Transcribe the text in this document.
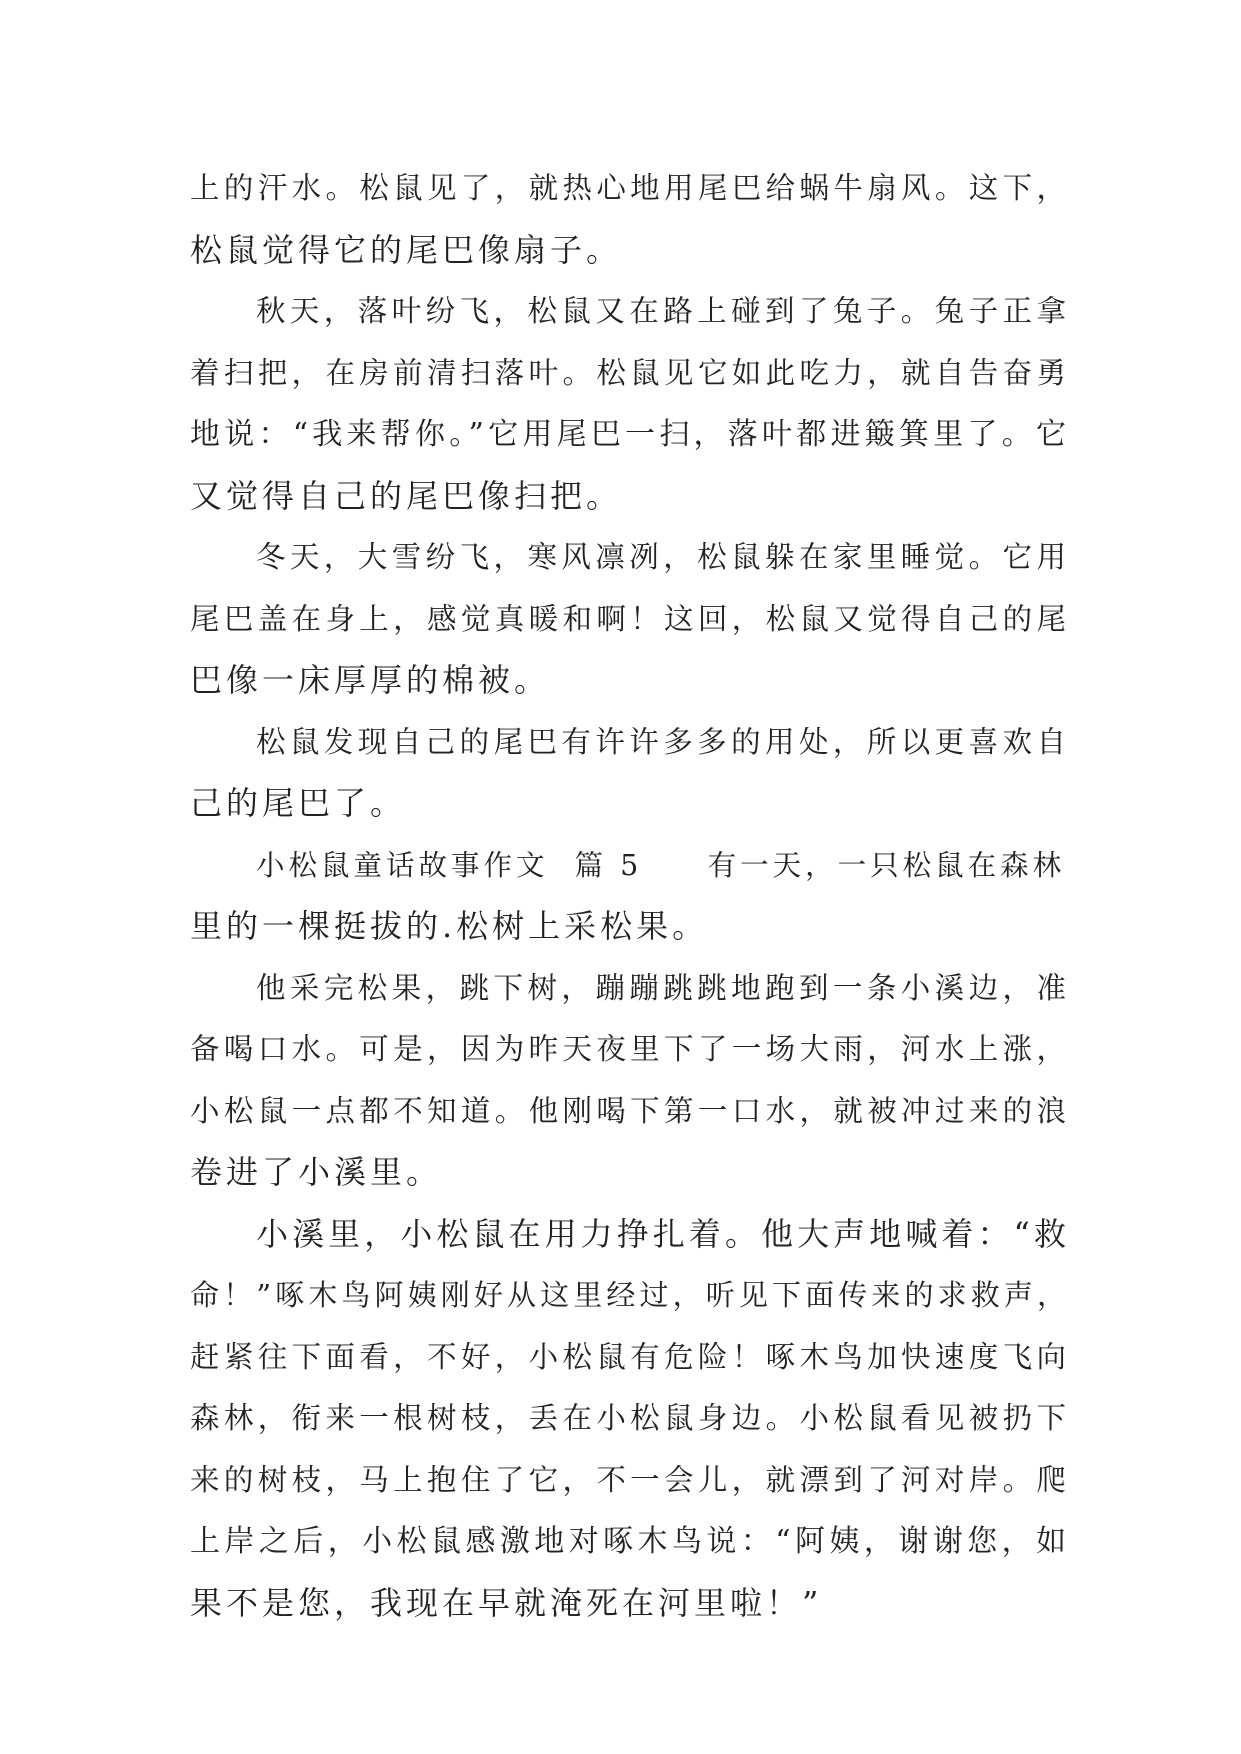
上的汗水。松鼠见了，就热心地用尾巴给蜗牛扇风。这下，
松鼠觉得它的尾巴像扇子。
秋天，落叶纷飞，松鼠又在路上碰到了兔子。兔子正拿
着扫把，在房前清扫落叶。松鼠见它如此吃力，就自告奋勇
地说：“我来帮你。”它用尾巴一扫，落叶都进簸箕里了。它
又觉得自己的尾巴像扫把。
冬天，大雪纷飞，寒风凛冽，松鼠躲在家里睡觉。它用
尾巴盖在身上，感觉真暖和啊！这回，松鼠又觉得自己的尾
巴像一床厚厚的棉被。
松鼠发现自己的尾巴有许许多多的用处，所以更喜欢自
己的尾巴了。
小松鼠童话故事作文  篇 5     有一天，一只松鼠在森林
里的一棵挺拔的.松树上采松果。
他采完松果，跳下树，蹦蹦跳跳地跑到一条小溪边，准
备喝口水。可是，因为昨天夜里下了一场大雨，河水上涨，
小松鼠一点都不知道。他刚喝下第一口水，就被冲过来的浪
卷进了小溪里。
小溪里，小松鼠在用力挣扎着。他大声地喊着：“救
命！”啄木鸟阿姨刚好从这里经过，听见下面传来的求救声，
赶紧往下面看，不好，小松鼠有危险！啄木鸟加快速度飞向
森林，衔来一根树枝，丢在小松鼠身边。小松鼠看见被扔下
来的树枝，马上抱住了它，不一会儿，就漂到了河对岸。爬
上岸之后，小松鼠感激地对啄木鸟说：“阿姨，谢谢您，如
果不是您，我现在早就淹死在河里啦！”
